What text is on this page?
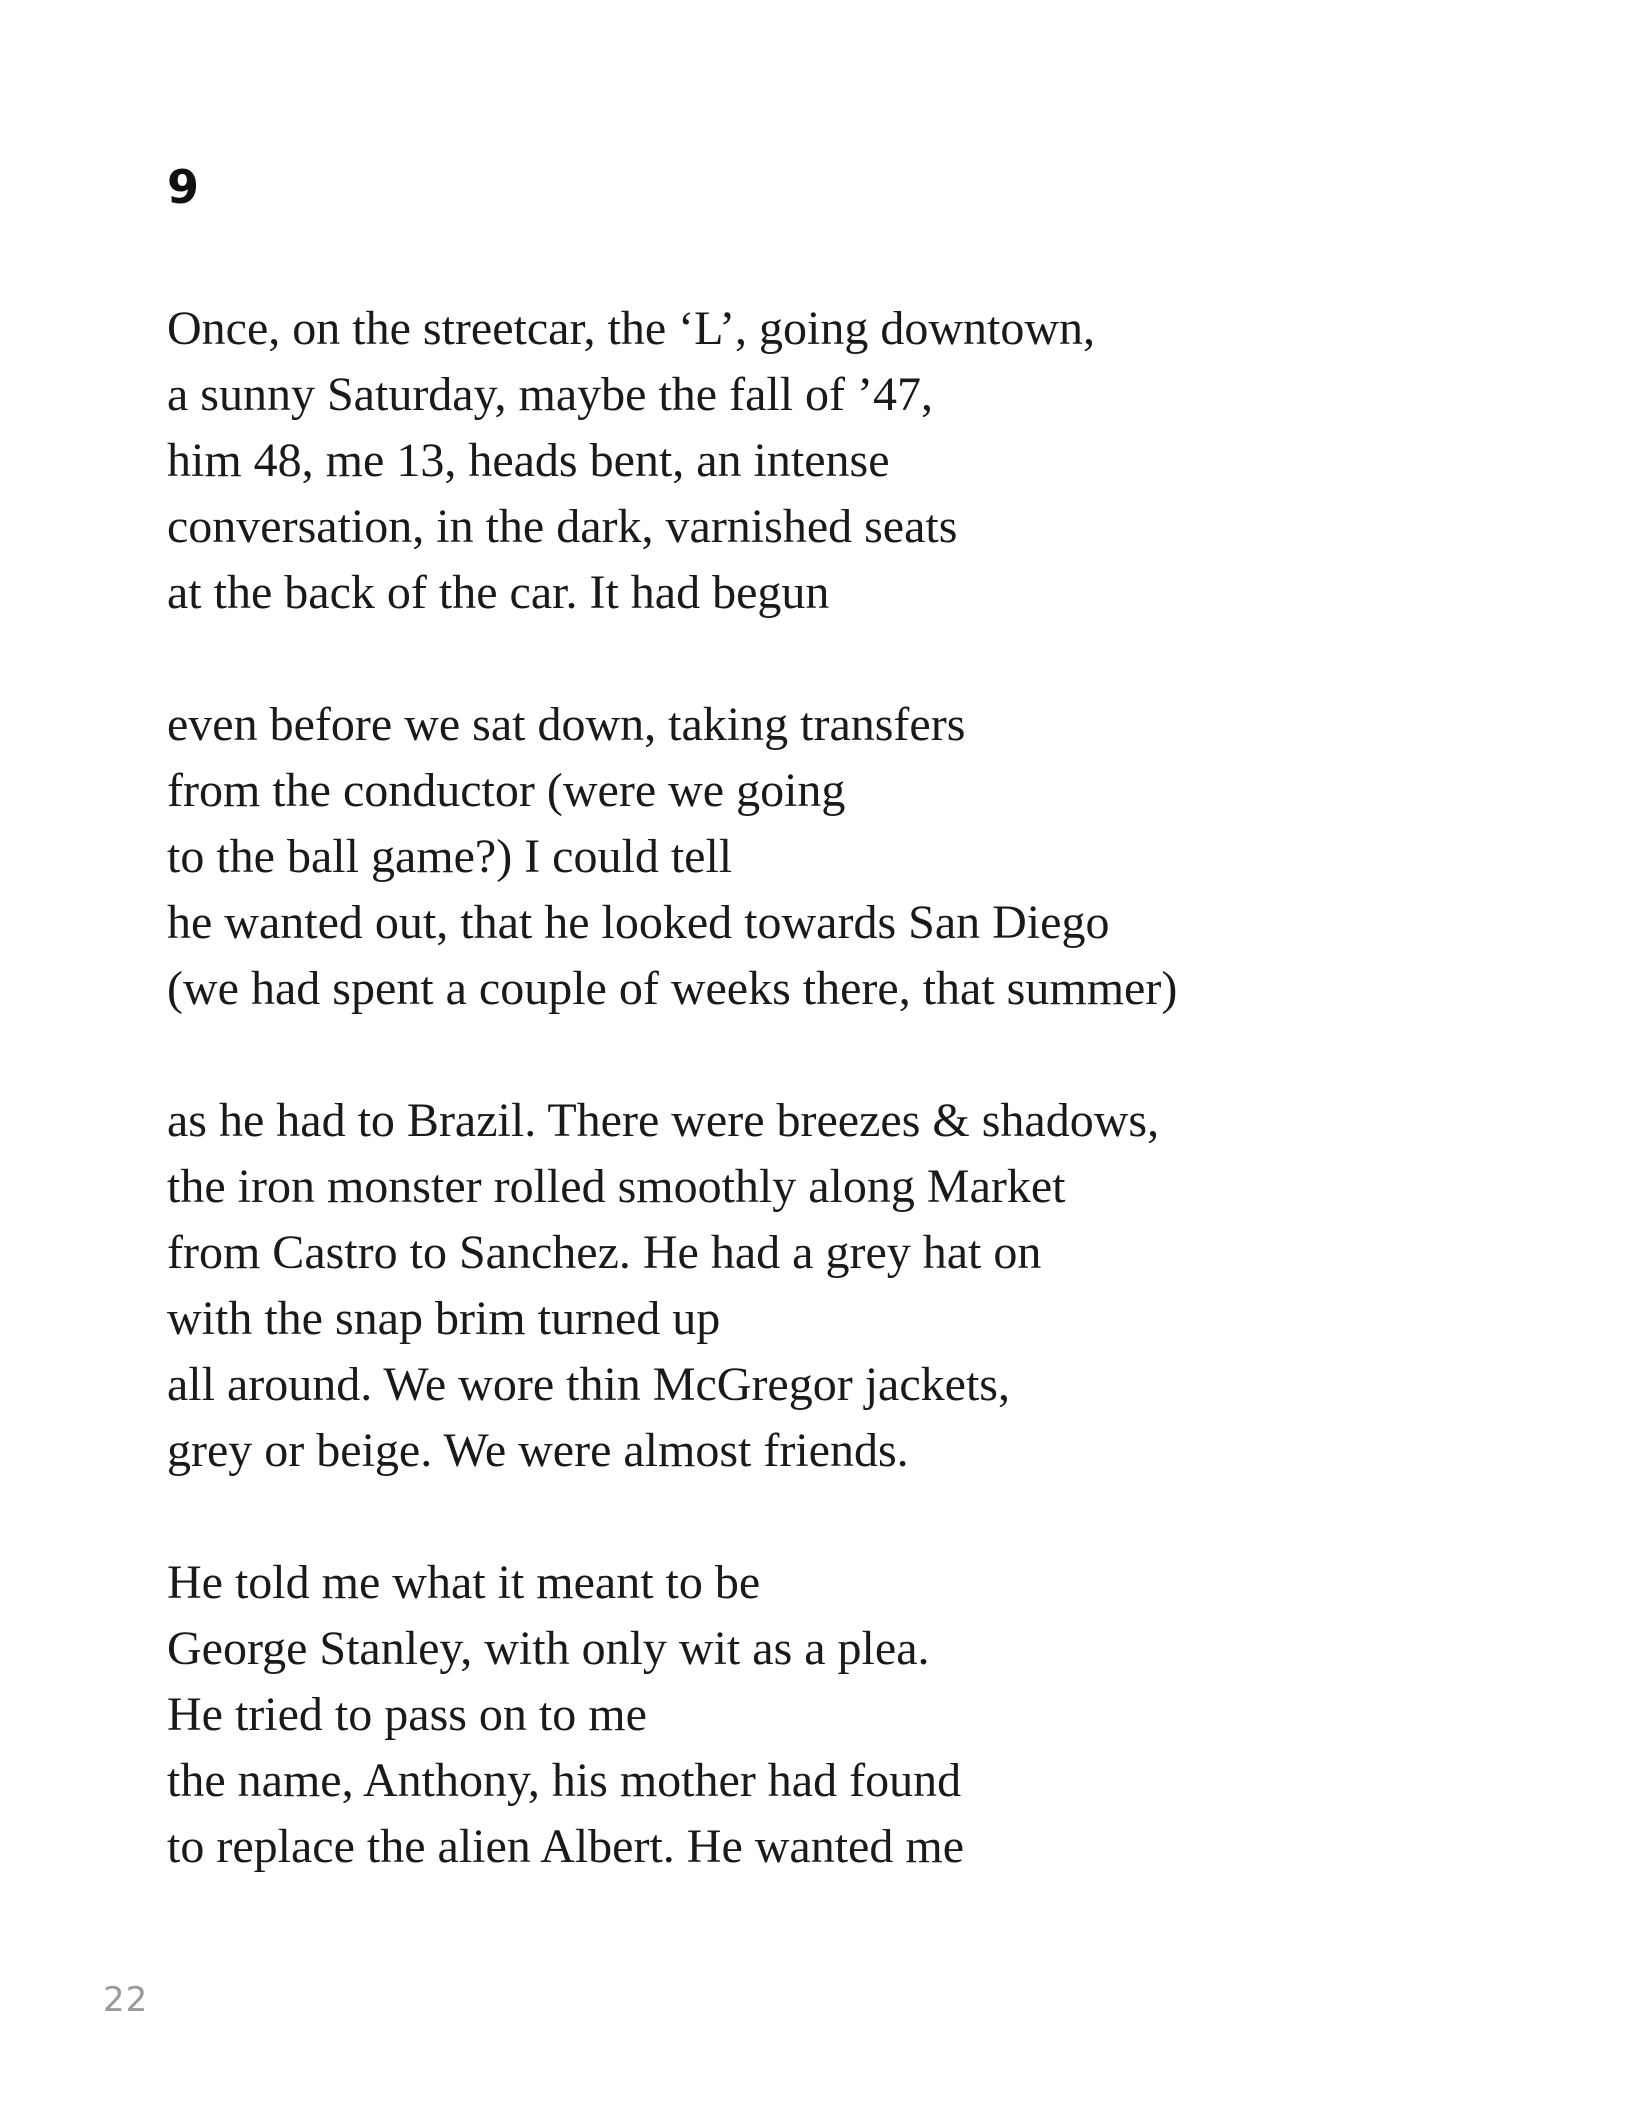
9
Once, on the streetcar, the ‘L’, going downtown,
a sunny Saturday, maybe the fall of ’47,
him 48, me 13, heads bent, an intense
conversation, in the dark, varnished seats
at the back of the car. It had begun
even before we sat down, taking transfers
from the conductor (were we going
to the ball game?) I could tell
he wanted out, that he looked towards San Diego
(we had spent a couple of weeks there, that summer)
as he had to Brazil. There were breezes & shadows,
the iron monster rolled smoothly along Market
from Castro to Sanchez. He had a grey hat on
with the snap brim turned up
all around. We wore thin McGregor jackets,
grey or beige. We were almost friends.
He told me what it meant to be
George Stanley, with only wit as a plea.
He tried to pass on to me
the name, Anthony, his mother had found
to replace the alien Albert. He wanted me
22
